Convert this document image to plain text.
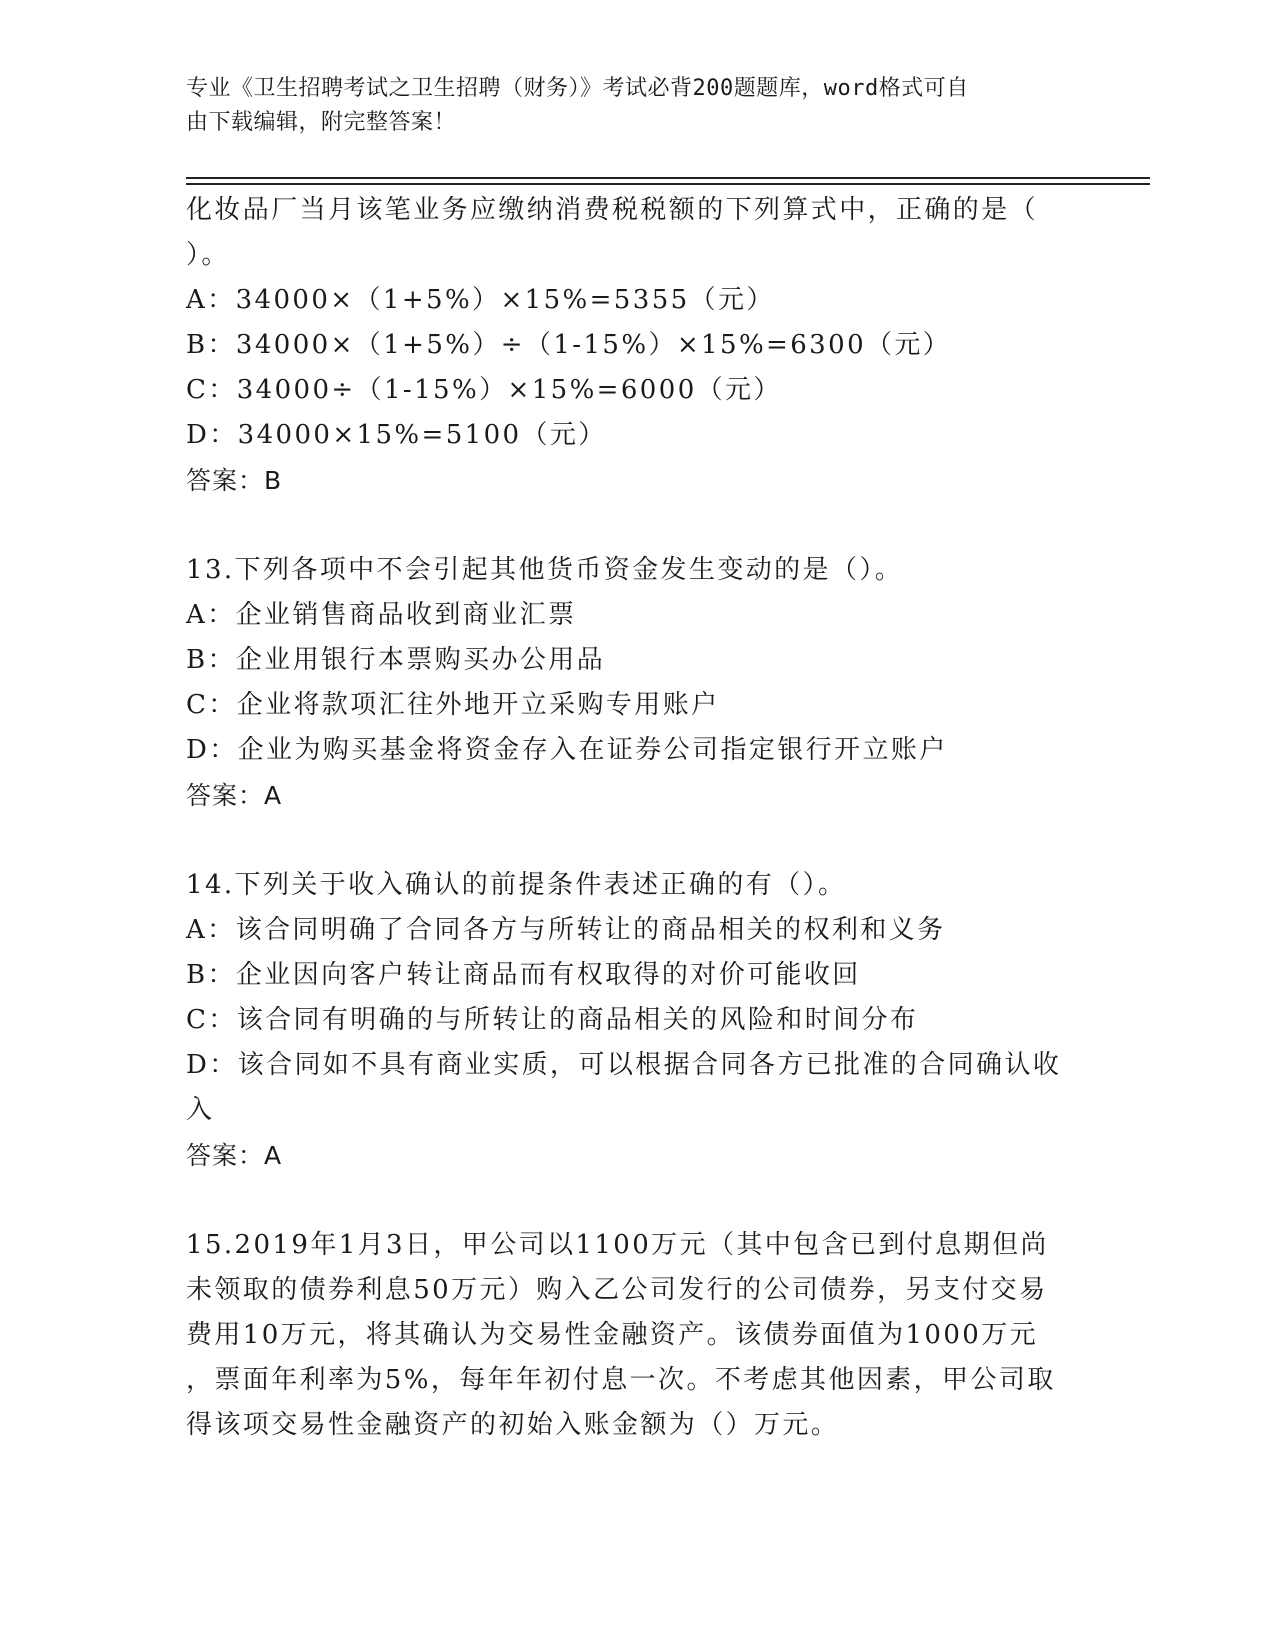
专业《卫生招聘考试之卫生招聘（财务）》考试必背200题题库，word格式可自
由下载编辑，附完整答案！
化妆品厂当月该笔业务应缴纳消费税税额的下列算式中，正确的是（
）。
A：34000×（1+5%）×15%=5355（元）
B：34000×（1+5%）÷（1-15%）×15%=6300（元）
C：34000÷（1-15%）×15%=6000（元）
D：34000×15%=5100（元）
答案：B
13.下列各项中不会引起其他货币资金发生变动的是（）。
A：企业销售商品收到商业汇票
B：企业用银行本票购买办公用品
C：企业将款项汇往外地开立采购专用账户
D：企业为购买基金将资金存入在证券公司指定银行开立账户
答案：A
14.下列关于收入确认的前提条件表述正确的有（）。
A：该合同明确了合同各方与所转让的商品相关的权利和义务
B：企业因向客户转让商品而有权取得的对价可能收回
C：该合同有明确的与所转让的商品相关的风险和时间分布
D：该合同如不具有商业实质，可以根据合同各方已批准的合同确认收
入
答案：A
15.2019年1月3日，甲公司以1100万元（其中包含已到付息期但尚
未领取的债券利息50万元）购入乙公司发行的公司债券，另支付交易
费用10万元，将其确认为交易性金融资产。该债券面值为1000万元
，票面年利率为5%，每年年初付息一次。不考虑其他因素，甲公司取
得该项交易性金融资产的初始入账金额为（）万元。
